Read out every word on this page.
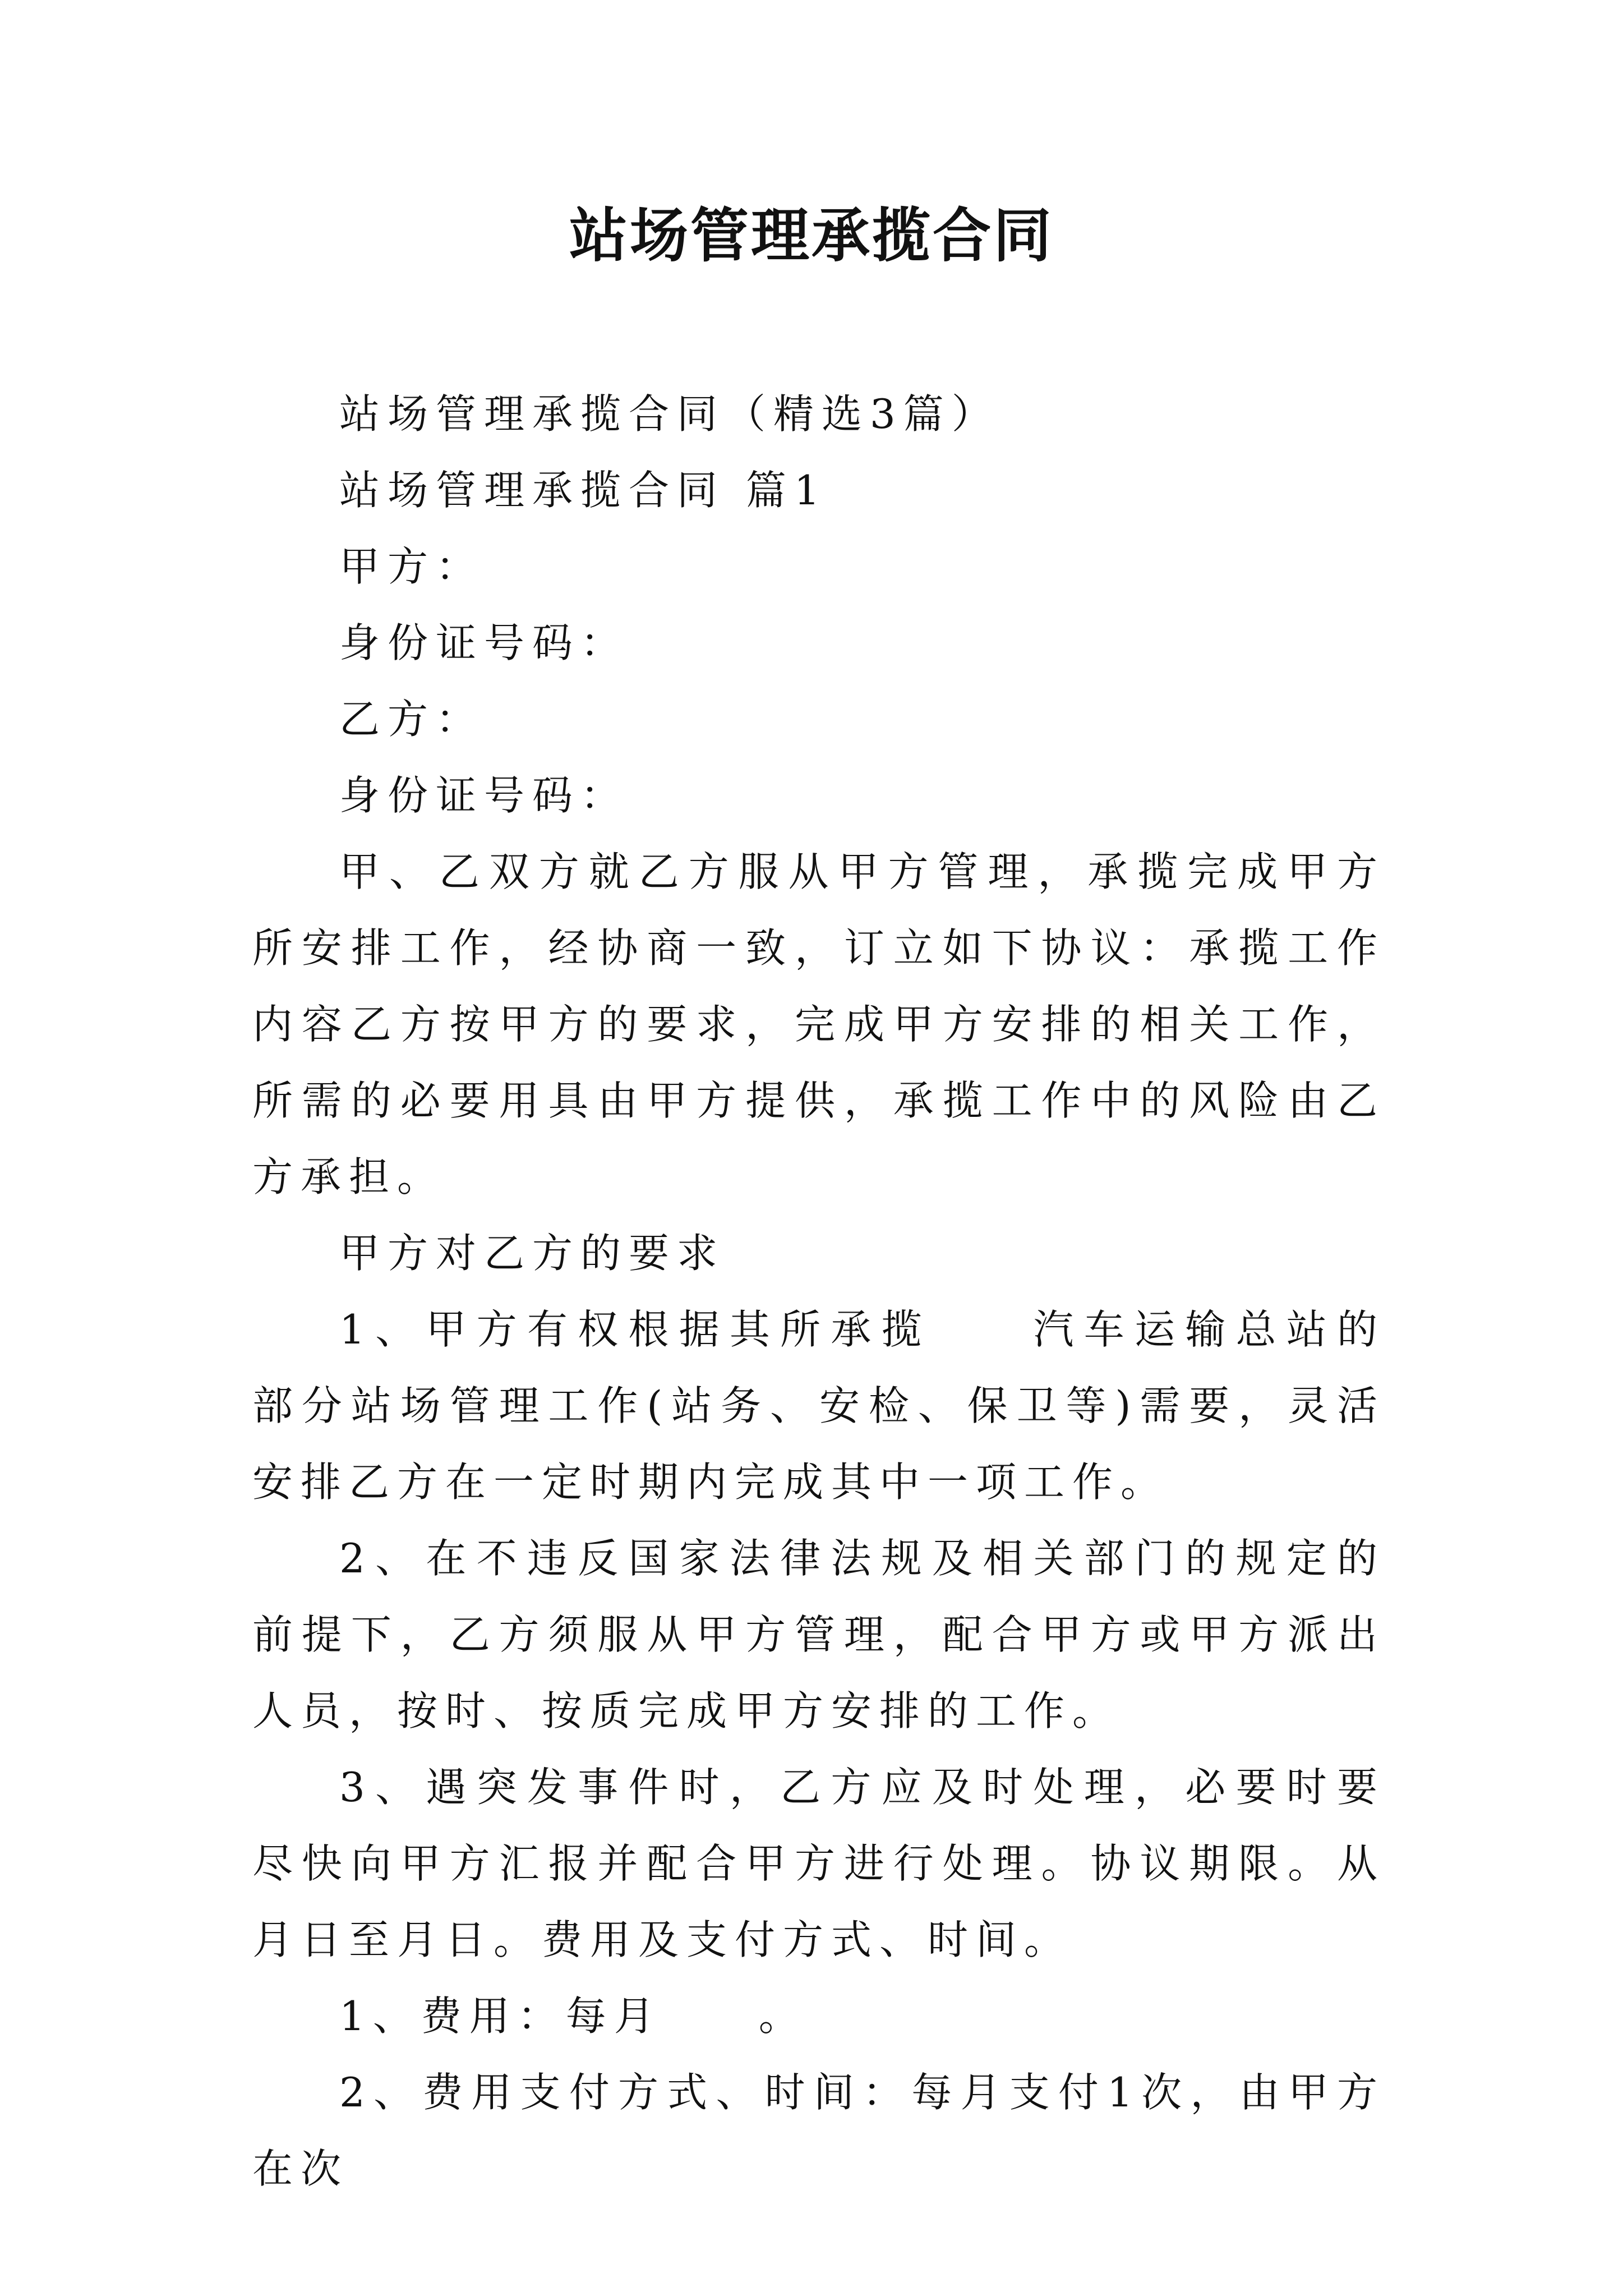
站场管理承揽合同

站场管理承揽合同（精选3篇）

站场管理承揽合同 篇1

甲方：

身份证号码：

乙方：

身份证号码：

甲、乙双方就乙方服从甲方管理，承揽完成甲方所安排工作，经协商一致，订立如下协议：承揽工作内容乙方按甲方的要求，完成甲方安排的相关工作，所需的必要用具由甲方提供，承揽工作中的风险由乙方承担。

甲方对乙方的要求

1、甲方有权根据其所承揽　　汽车运输总站的部分站场管理工作(站务、安检、保卫等)需要，灵活安排乙方在一定时期内完成其中一项工作。

2、在不违反国家法律法规及相关部门的规定的前提下，乙方须服从甲方管理，配合甲方或甲方派出人员，按时、按质完成甲方安排的工作。

3、遇突发事件时，乙方应及时处理，必要时要尽快向甲方汇报并配合甲方进行处理。协议期限。从月日至月日。费用及支付方式、时间。

1、费用：每月　　。

2、费用支付方式、时间：每月支付1次，由甲方在次
